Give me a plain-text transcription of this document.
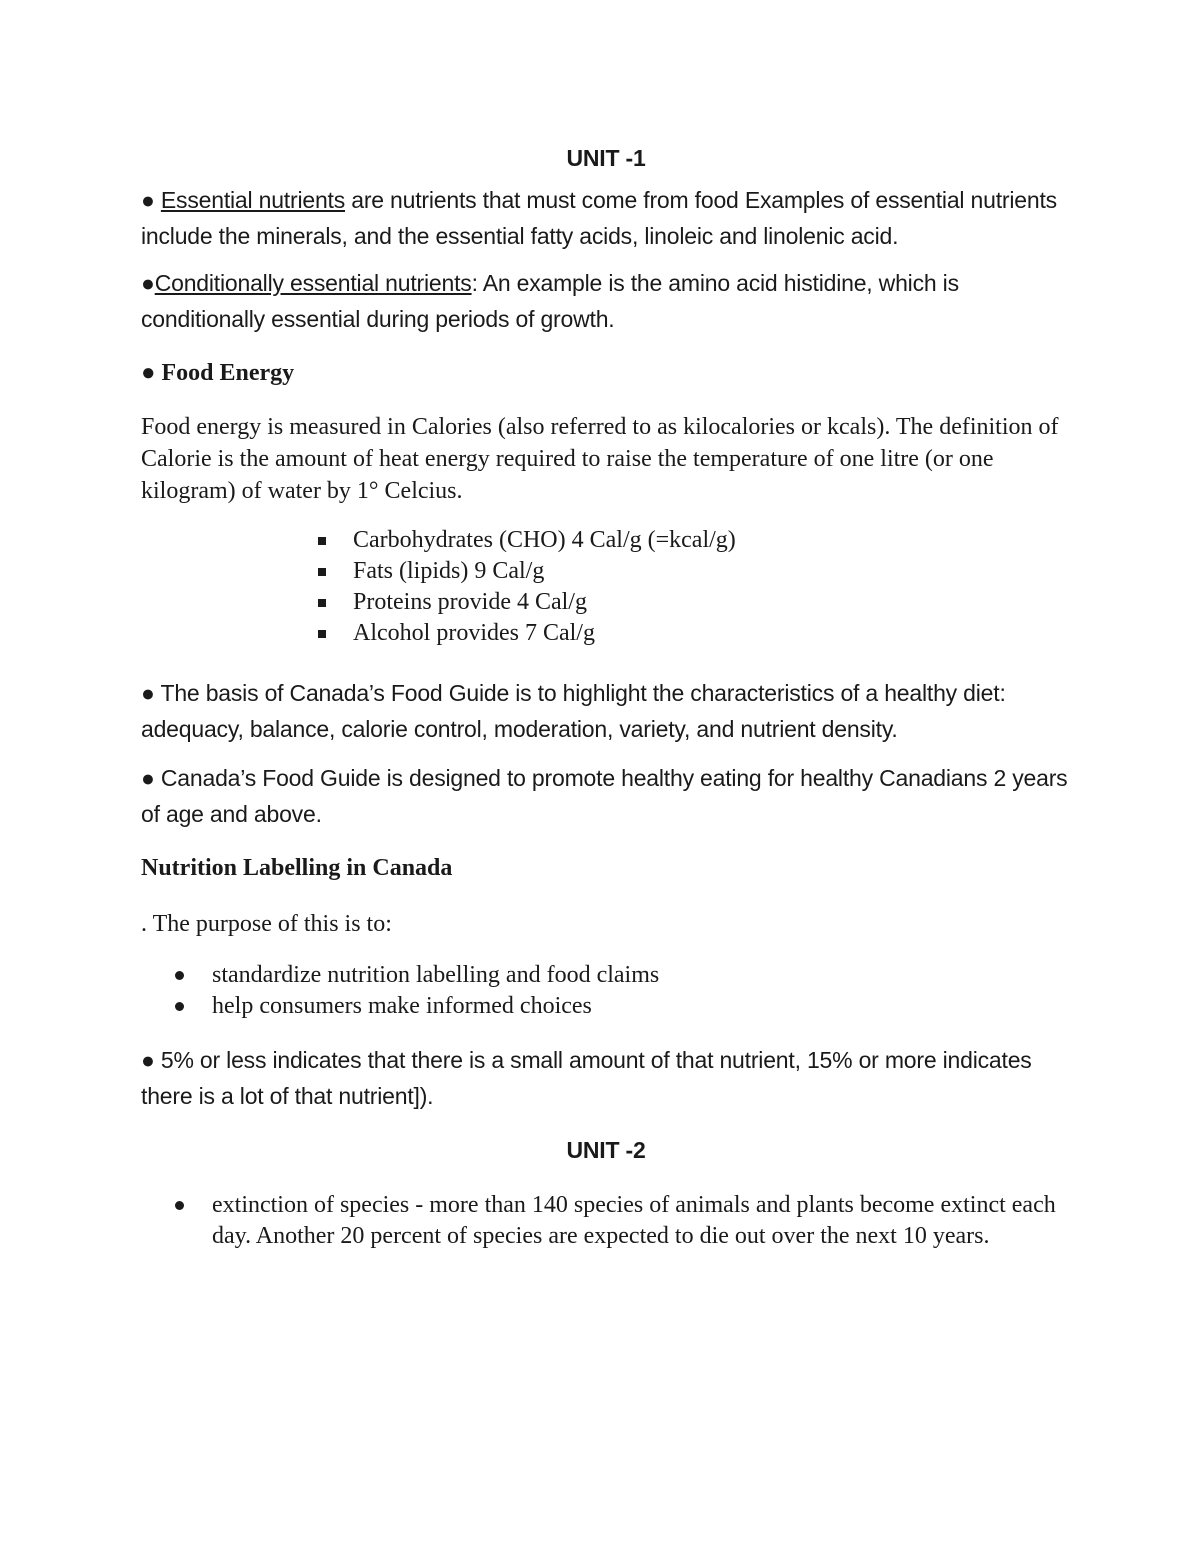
UNIT -1

● Essential nutrients are nutrients that must come from food Examples of essential nutrients include the minerals, and the essential fatty acids, linoleic and linolenic acid.

●Conditionally essential nutrients: An example is the amino acid histidine, which is conditionally essential during periods of growth.

● Food Energy

Food energy is measured in Calories (also referred to as kilocalories or kcals). The definition of Calorie is the amount of heat energy required to raise the temperature of one litre (or one kilogram) of water by 1° Celcius.

Carbohydrates (CHO) 4 Cal/g (=kcal/g)
Fats (lipids) 9 Cal/g
Proteins provide 4 Cal/g
Alcohol provides 7 Cal/g

● The basis of Canada’s Food Guide is to highlight the characteristics of a healthy diet: adequacy, balance, calorie control, moderation, variety, and nutrient density.

● Canada’s Food Guide is designed to promote healthy eating for healthy Canadians 2 years of age and above.

Nutrition Labelling in Canada

. The purpose of this is to:

standardize nutrition labelling and food claims
help consumers make informed choices

● 5% or less indicates that there is a small amount of that nutrient, 15% or more indicates there is a lot of that nutrient]).

UNIT -2

extinction of species - more than 140 species of animals and plants become extinct each day. Another 20 percent of species are expected to die out over the next 10 years.
